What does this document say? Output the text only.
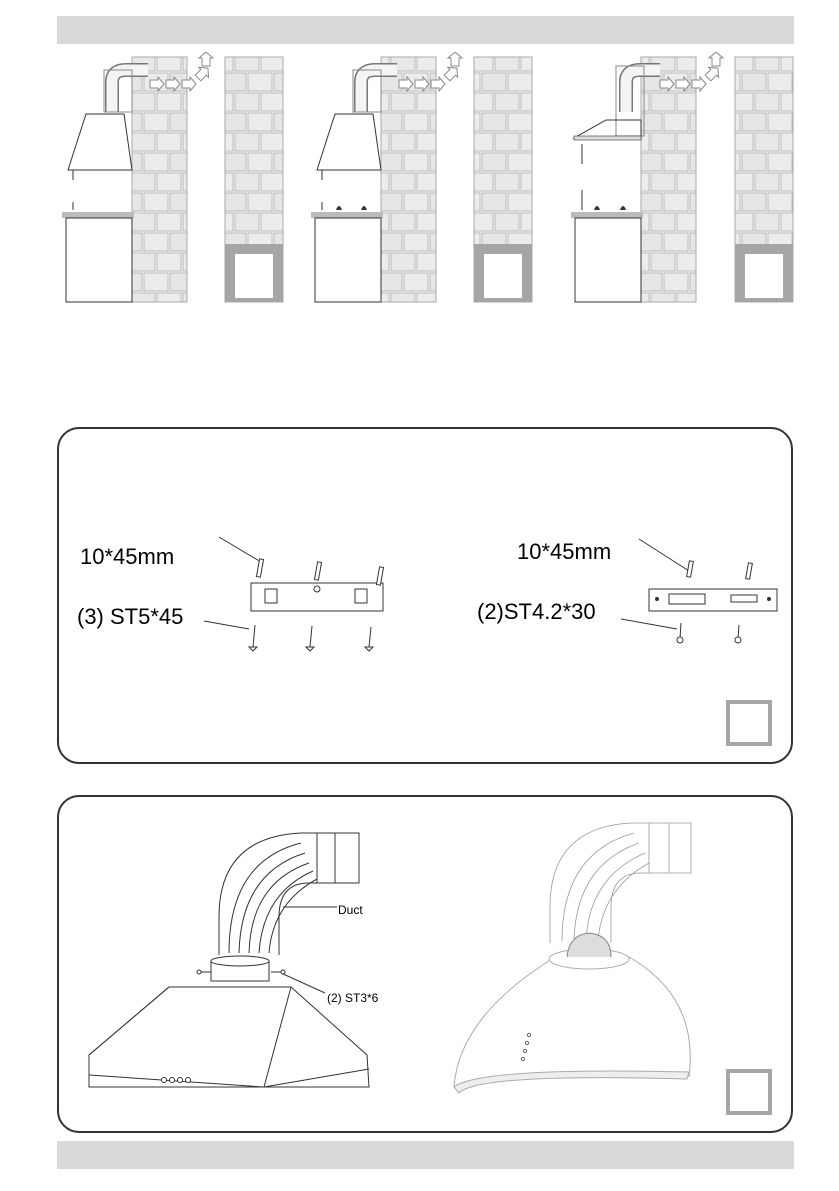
10*45mm
(3) ST5*45
10*45mm
(2)ST4.2*30
Duct
(2) ST3*6
